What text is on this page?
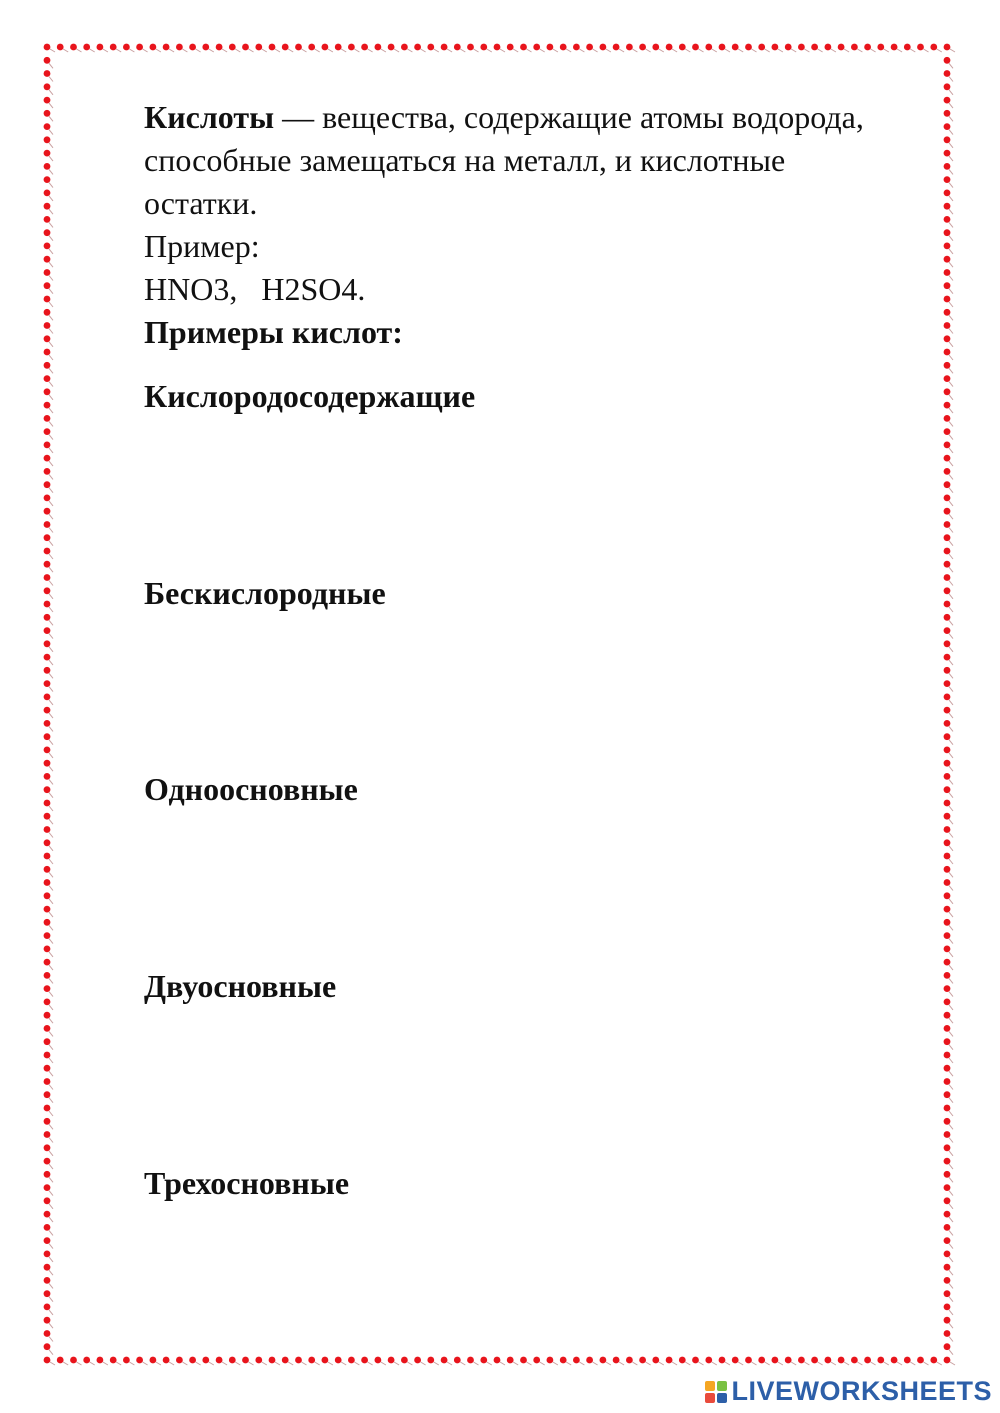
Кислоты — вещества, содержащие атомы водорода, способные замещаться на металл, и кислотные остатки.

Пример:

HNO3,   H2SO4.

Примеры кислот:

Кислородосодержащие
Бескислородные
Одноосновные
Двуосновные
Трехосновные
LIVEWORKSHEETS
